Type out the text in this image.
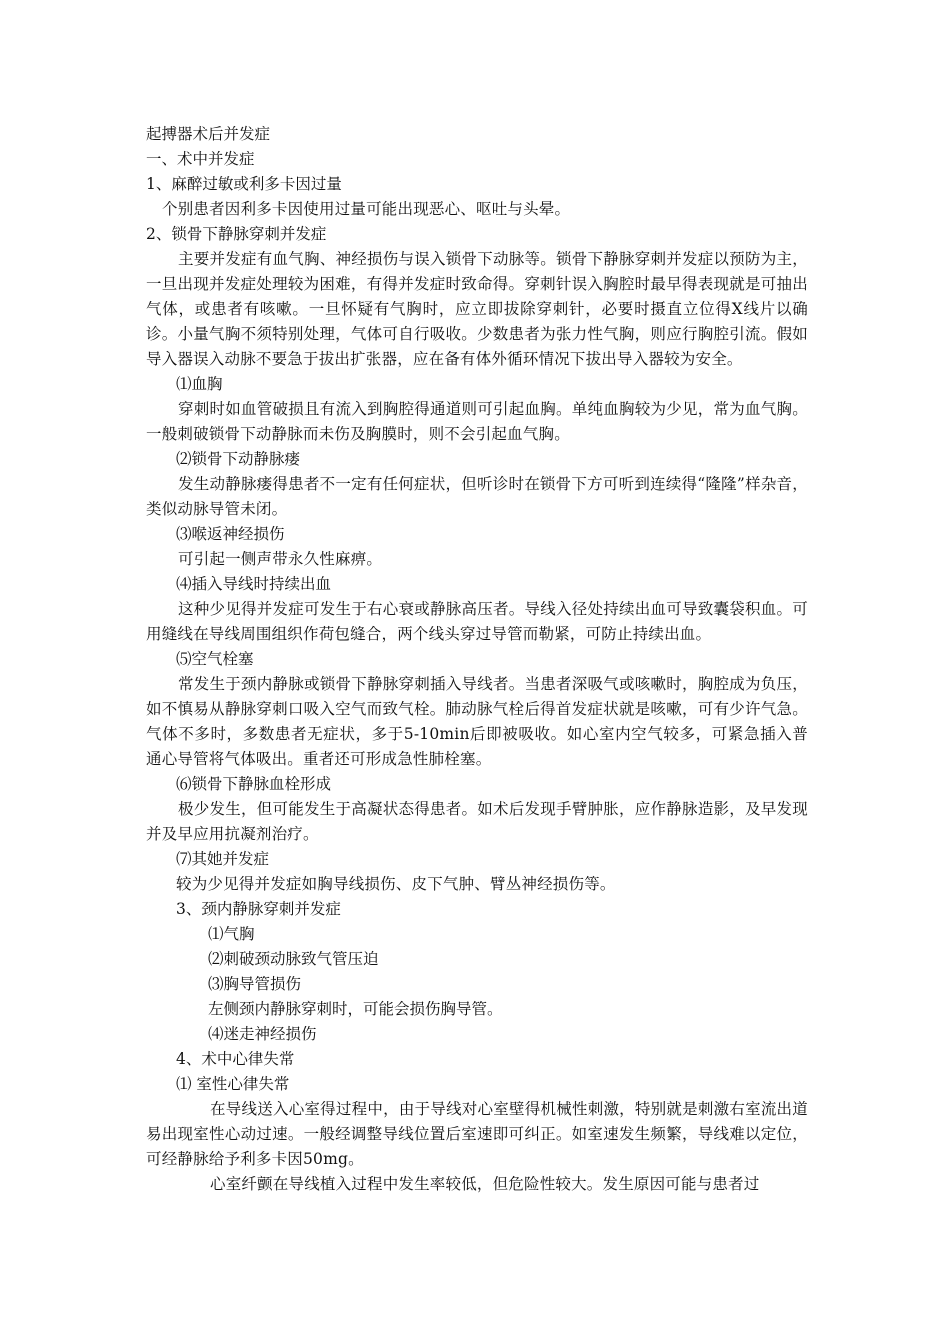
起搏器术后并发症

一、术中并发症

1、麻醉过敏或利多卡因过量

个别患者因利多卡因使用过量可能出现恶心、呕吐与头晕。

2、锁骨下静脉穿刺并发症

主要并发症有血气胸、神经损伤与误入锁骨下动脉等。锁骨下静脉穿刺并发症以预防为主，一旦出现并发症处理较为困难，有得并发症时致命得。穿刺针误入胸腔时最早得表现就是可抽出气体，或患者有咳嗽。一旦怀疑有气胸时，应立即拔除穿刺针，必要时摄直立位得X线片以确诊。小量气胸不须特别处理，气体可自行吸收。少数患者为张力性气胸，则应行胸腔引流。假如导入器误入动脉不要急于拔出扩张器，应在备有体外循环情况下拔出导入器较为安全。

⑴血胸

穿刺时如血管破损且有流入到胸腔得通道则可引起血胸。单纯血胸较为少见，常为血气胸。一般刺破锁骨下动静脉而未伤及胸膜时，则不会引起血气胸。

⑵锁骨下动静脉瘘

发生动静脉瘘得患者不一定有任何症状，但听诊时在锁骨下方可听到连续得“隆隆”样杂音，类似动脉导管未闭。

⑶喉返神经损伤

可引起一侧声带永久性麻痹。

⑷插入导线时持续出血

这种少见得并发症可发生于右心衰或静脉高压者。导线入径处持续出血可导致囊袋积血。可用缝线在导线周围组织作荷包缝合，两个线头穿过导管而勒紧，可防止持续出血。

⑸空气栓塞

常发生于颈内静脉或锁骨下静脉穿刺插入导线者。当患者深吸气或咳嗽时，胸腔成为负压，如不慎易从静脉穿刺口吸入空气而致气栓。肺动脉气栓后得首发症状就是咳嗽，可有少许气急。气体不多时，多数患者无症状，多于5-10min后即被吸收。如心室内空气较多，可紧急插入普通心导管将气体吸出。重者还可形成急性肺栓塞。

⑹锁骨下静脉血栓形成

极少发生，但可能发生于高凝状态得患者。如术后发现手臂肿胀，应作静脉造影，及早发现并及早应用抗凝剂治疗。

⑺其她并发症

较为少见得并发症如胸导线损伤、皮下气肿、臂丛神经损伤等。

3、颈内静脉穿刺并发症

⑴气胸

⑵刺破颈动脉致气管压迫

⑶胸导管损伤

左侧颈内静脉穿刺时，可能会损伤胸导管。

⑷迷走神经损伤

4、术中心律失常

⑴ 室性心律失常

在导线送入心室得过程中，由于导线对心室壁得机械性刺激，特别就是刺激右室流出道易出现室性心动过速。一般经调整导线位置后室速即可纠正。如室速发生频繁，导线难以定位，可经静脉给予利多卡因50mg。

心室纤颤在导线植入过程中发生率较低，但危险性较大。发生原因可能与患者过
